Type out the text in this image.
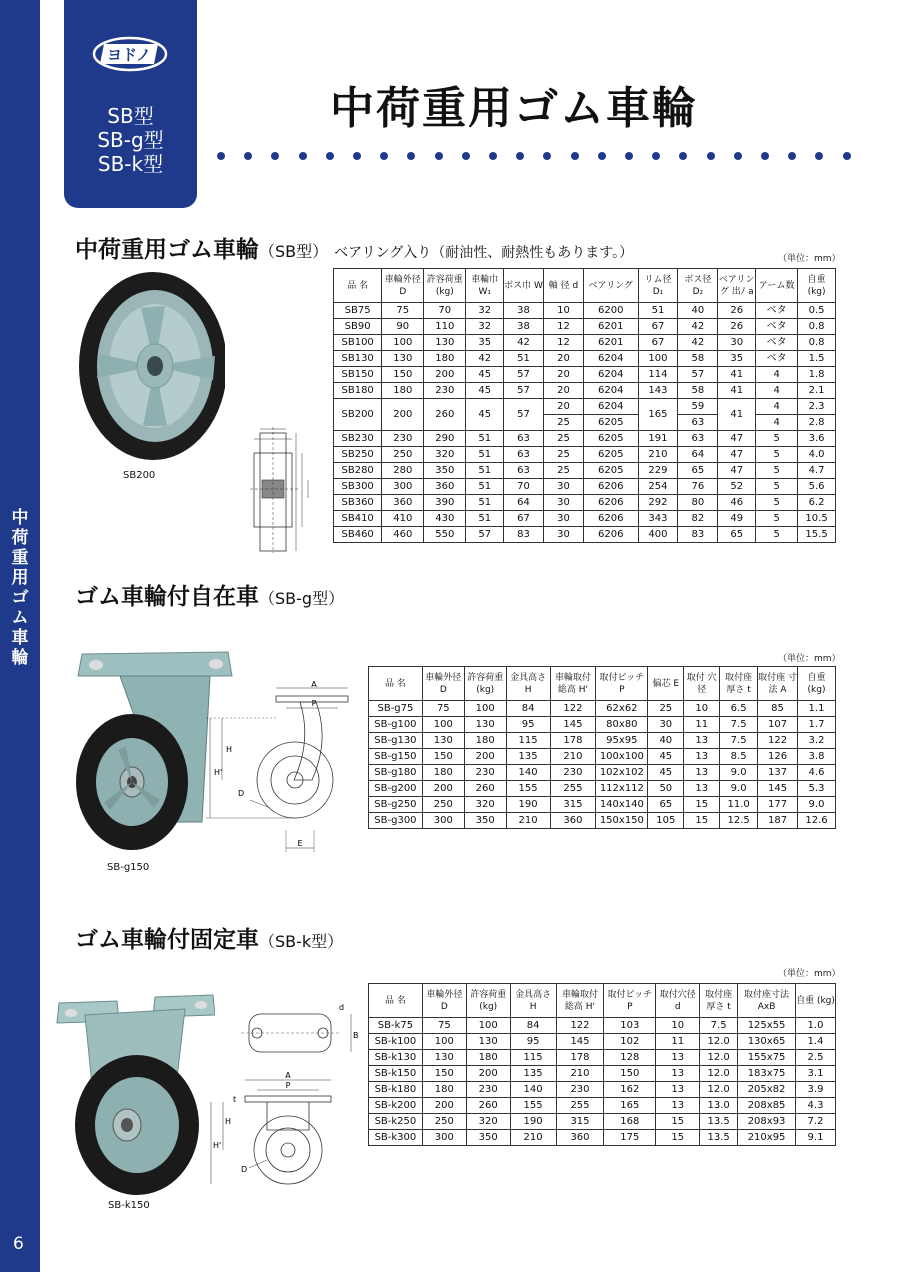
中荷重用ゴム車輪
6
ヨドノ
SB型
SB-g型
SB-k型
中荷重用ゴム車輪
中荷重用ゴム車輪（SB型） ベアリング入り（耐油性、耐熱性もあります。）	（単位：mm）
SB200
品 名	車輪外径 D	許容荷重 (kg)	車輪巾 W₁	ボス巾 W	軸 径 d	ベアリング	リム径 D₁	ボス径 D₂	ベアリング 出ﾉ a	アーム数	自重 (kg)
SB75	75	70	32	38	10	6200	51	40	26	ベタ	0.5
SB90	90	110	32	38	12	6201	67	42	26	ベタ	0.8
SB100	100	130	35	42	12	6201	67	42	30	ベタ	0.8
SB130	130	180	42	51	20	6204	100	58	35	ベタ	1.5
SB150	150	200	45	57	20	6204	114	57	41	4	1.8
SB180	180	230	45	57	20	6204	143	58	41	4	2.1
SB200	200	260	45	57	20	6204	165	59	41	4	2.3
					25	6205		63		4	2.8
SB230	230	290	51	63	25	6205	191	63	47	5	3.6
SB250	250	320	51	63	25	6205	210	64	47	5	4.0
SB280	280	350	51	63	25	6205	229	65	47	5	4.7
SB300	300	360	51	70	30	6206	254	76	52	5	5.6
SB360	360	390	51	64	30	6206	292	80	46	5	6.2
SB410	410	430	51	67	30	6206	343	82	49	5	10.5
SB460	460	550	57	83	30	6206	400	83	65	5	15.5
ゴム車輪付自在車（SB-g型）
（単位：mm）
SB-g150
A
P
H'
H
D
E
品 名	車輪外径 D	許容荷重 (kg)	金具高さ H	車輪取付 総高 H'	取付ピッチ P	偏芯 E	取付 穴径	取付座 厚さ t	取付座 寸法 A	自重 (kg)
SB-g75	75	100	84	122	62x62	25	10	6.5	85	1.1
SB-g100	100	130	95	145	80x80	30	11	7.5	107	1.7
SB-g130	130	180	115	178	95x95	40	13	7.5	122	3.2
SB-g150	150	200	135	210	100x100	45	13	8.5	126	3.8
SB-g180	180	230	140	230	102x102	45	13	9.0	137	4.6
SB-g200	200	260	155	255	112x112	50	13	9.0	145	5.3
SB-g250	250	320	190	315	140x140	65	15	11.0	177	9.0
SB-g300	300	350	210	360	150x150	105	15	12.5	187	12.6
ゴム車輪付固定車（SB-k型）
（単位：mm）
SB-k150
B
d
A
P
t
H'
H
D
品 名	車輪外径 D	許容荷重 (kg)	金具高さ H	車輪取付 総高 H'	取付ピッチ P	取付穴径 d	取付座 厚さ t	取付座寸法 AxB	自重 (kg)
SB-k75	75	100	84	122	103	10	7.5	125x55	1.0
SB-k100	100	130	95	145	102	11	12.0	130x65	1.4
SB-k130	130	180	115	178	128	13	12.0	155x75	2.5
SB-k150	150	200	135	210	150	13	12.0	183x75	3.1
SB-k180	180	230	140	230	162	13	12.0	205x82	3.9
SB-k200	200	260	155	255	165	13	13.0	208x85	4.3
SB-k250	250	320	190	315	168	15	13.5	208x93	7.2
SB-k300	300	350	210	360	175	15	13.5	210x95	9.1
